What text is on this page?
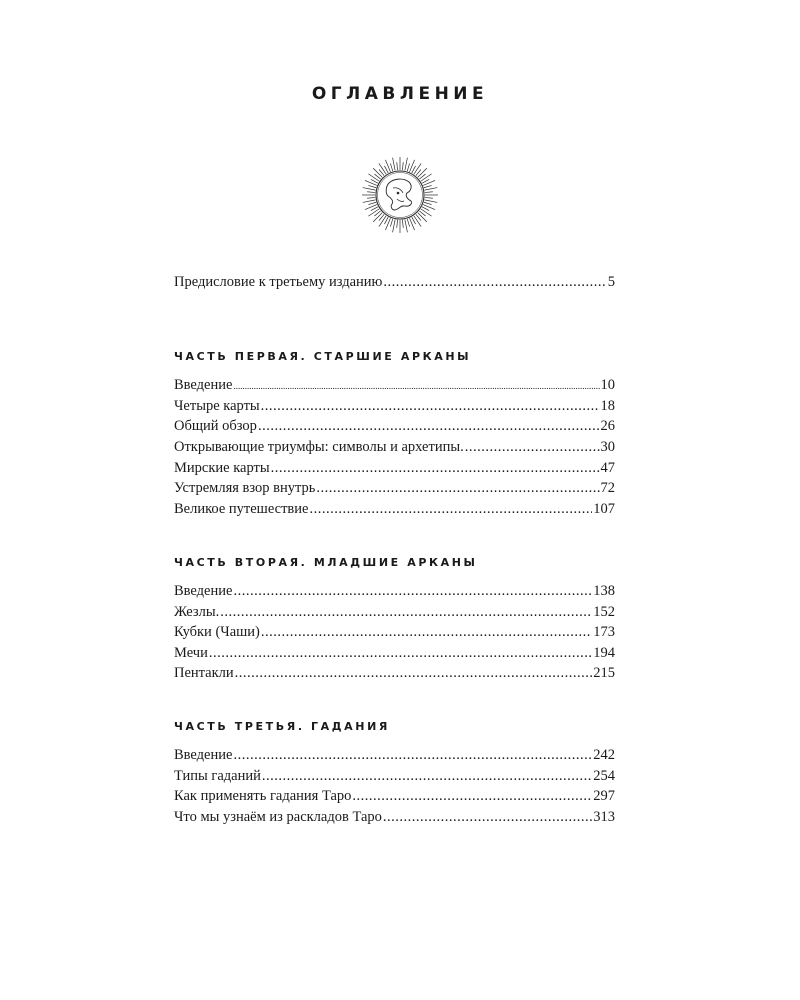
ОГЛАВЛЕНИЕ
Предисловие к третьему изданию .....	5
ЧАСТЬ ПЕРВАЯ. СТАРШИЕ АРКАНЫ
Введение .....	10
Четыре карты .....	18
Общий обзор .....	26
Открывающие триумфы: символы и архетипы. .....	30
Мирские карты .....	47
Устремляя взор внутрь .....	72
Великое путешествие .....	107
ЧАСТЬ ВТОРАЯ. МЛАДШИЕ АРКАНЫ
Введение .....	138
Жезлы. .....	152
Кубки (Чаши) .....	173
Мечи .....	194
Пентакли .....	215
ЧАСТЬ ТРЕТЬЯ. ГАДАНИЯ
Введение .....	242
Типы гаданий .....	254
Как применять гадания Таро .....	297
Что мы узнаём из раскладов Таро .....	313
